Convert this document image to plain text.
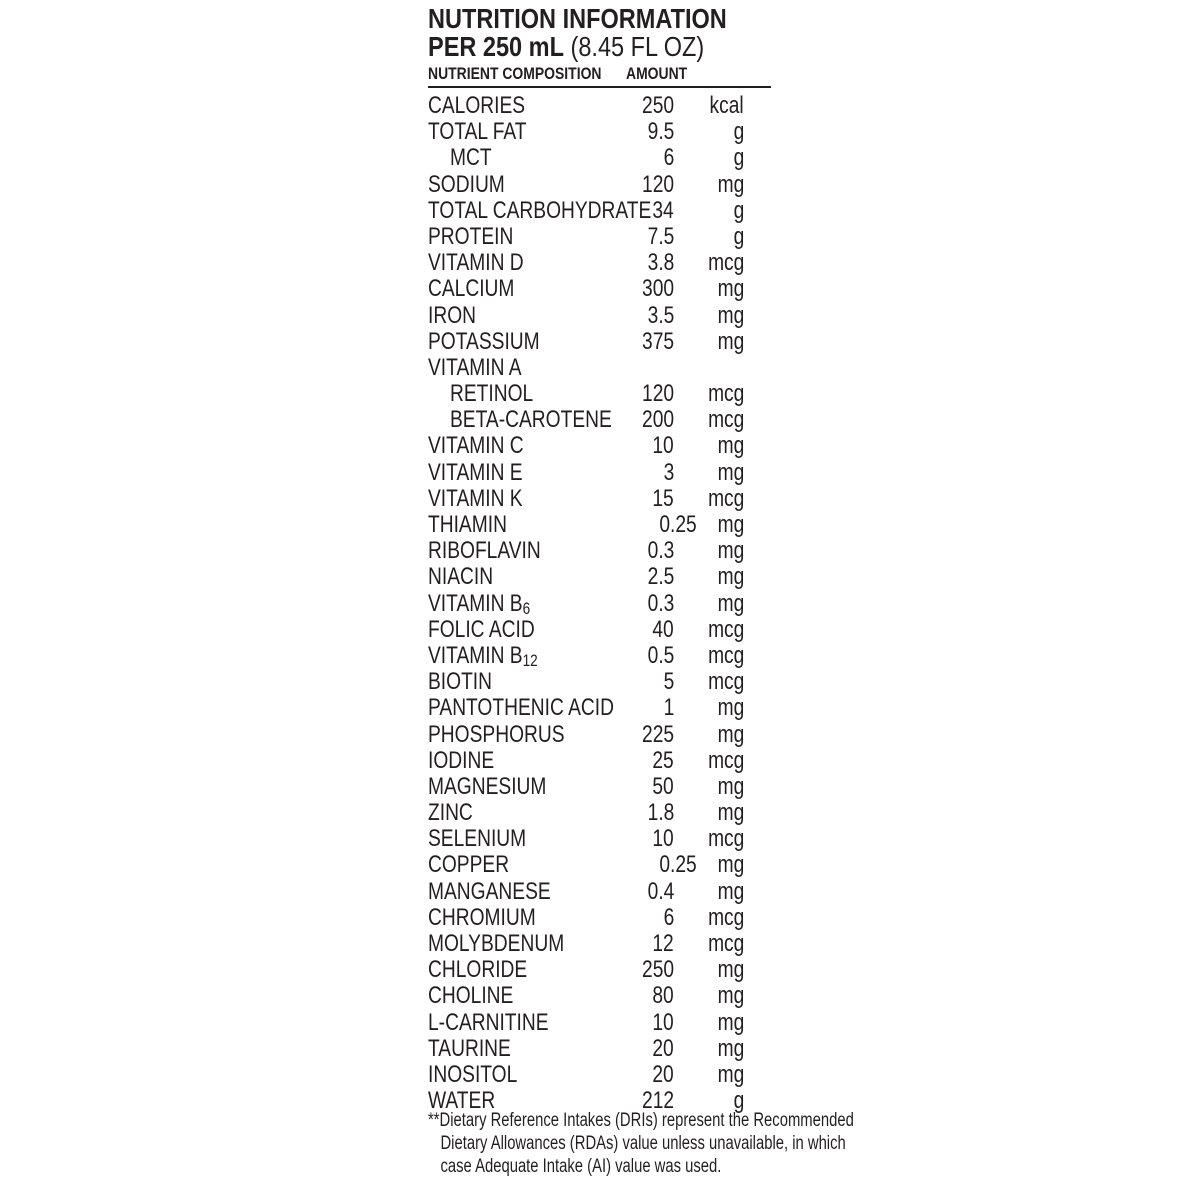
NUTRITION INFORMATION
PER 250 mL (8.45 FL OZ)
NUTRIENT COMPOSITION AMOUNT
CALORIES	250 kcal
TOTAL FAT	9.5 g
MCT	6 g
SODIUM	120 mg
TOTAL CARBOHYDRATE 34 g
PROTEIN	7.5 g
VITAMIN D	3.8 mcg
CALCIUM	300 mg
IRON	3.5 mg
POTASSIUM	375 mg
VITAMIN A
RETINOL	120 mcg
BETA-CAROTENE 200 mcg
VITAMIN C	10 mg
VITAMIN E	3 mg
VITAMIN K	15 mcg
THIAMIN	0.25 mg
RIBOFLAVIN	0.3 mg
NIACIN	2.5 mg
VITAMIN B6	0.3 mg
FOLIC ACID	40 mcg
VITAMIN B12	0.5 mcg
BIOTIN	5 mcg
PANTOTHENIC ACID 1 mg
PHOSPHORUS	225 mg
IODINE	25 mcg
MAGNESIUM	50 mg
ZINC	1.8 mg
SELENIUM	10 mcg
COPPER	0.25 mg
MANGANESE	0.4 mg
CHROMIUM	6 mcg
MOLYBDENUM	12 mcg
CHLORIDE	250 mg
CHOLINE	80 mg
L-CARNITINE	10 mg
TAURINE	20 mg
INOSITOL	20 mg
WATER	212 g
**Dietary Reference Intakes (DRIs) represent the Recommended
Dietary Allowances (RDAs) value unless unavailable, in which
case Adequate Intake (AI) value was used.
